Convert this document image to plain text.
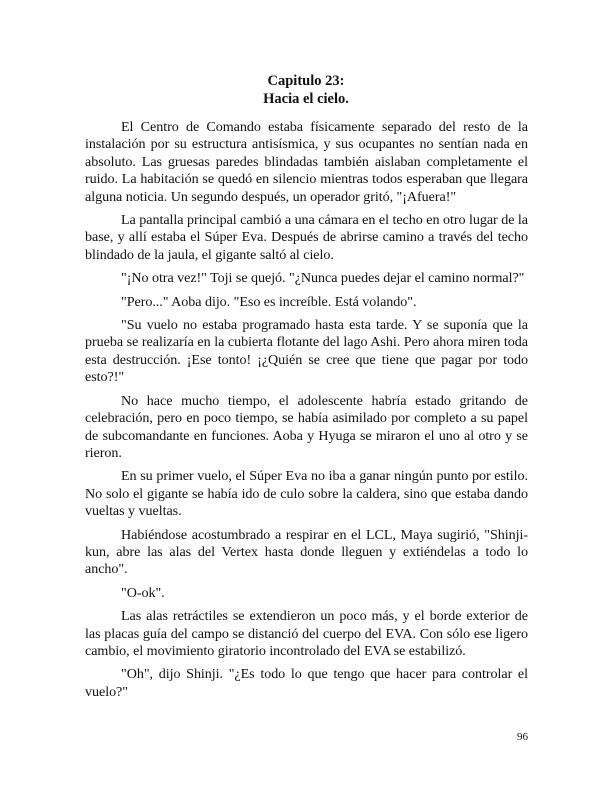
Capitulo 23:
Hacia el cielo.

El Centro de Comando estaba físicamente separado del resto de la instalación por su estructura antisísmica, y sus ocupantes no sentían nada en absoluto. Las gruesas paredes blindadas también aislaban completamente el ruido. La habitación se quedó en silencio mientras todos esperaban que llegara alguna noticia. Un segundo después, un operador gritó, "¡Afuera!"

La pantalla principal cambió a una cámara en el techo en otro lugar de la base, y allí estaba el Súper Eva. Después de abrirse camino a través del techo blindado de la jaula, el gigante saltó al cielo.

"¡No otra vez!" Toji se quejó. "¿Nunca puedes dejar el camino normal?"

"Pero..." Aoba dijo. "Eso es increíble. Está volando".

"Su vuelo no estaba programado hasta esta tarde. Y se suponía que la prueba se realizaría en la cubierta flotante del lago Ashi. Pero ahora miren toda esta destrucción. ¡Ese tonto! ¡¿Quién se cree que tiene que pagar por todo esto?!"

No hace mucho tiempo, el adolescente habría estado gritando de celebración, pero en poco tiempo, se había asimilado por completo a su papel de subcomandante en funciones. Aoba y Hyuga se miraron el uno al otro y se rieron.

En su primer vuelo, el Súper Eva no iba a ganar ningún punto por estilo. No solo el gigante se había ido de culo sobre la caldera, sino que estaba dando vueltas y vueltas.

Habiéndose acostumbrado a respirar en el LCL, Maya sugirió, "Shinji-kun, abre las alas del Vertex hasta donde lleguen y extiéndelas a todo lo ancho".

"O-ok".

Las alas retráctiles se extendieron un poco más, y el borde exterior de las placas guía del campo se distanció del cuerpo del EVA. Con sólo ese ligero cambio, el movimiento giratorio incontrolado del EVA se estabilizó.

"Oh", dijo Shinji. "¿Es todo lo que tengo que hacer para controlar el vuelo?"

96
